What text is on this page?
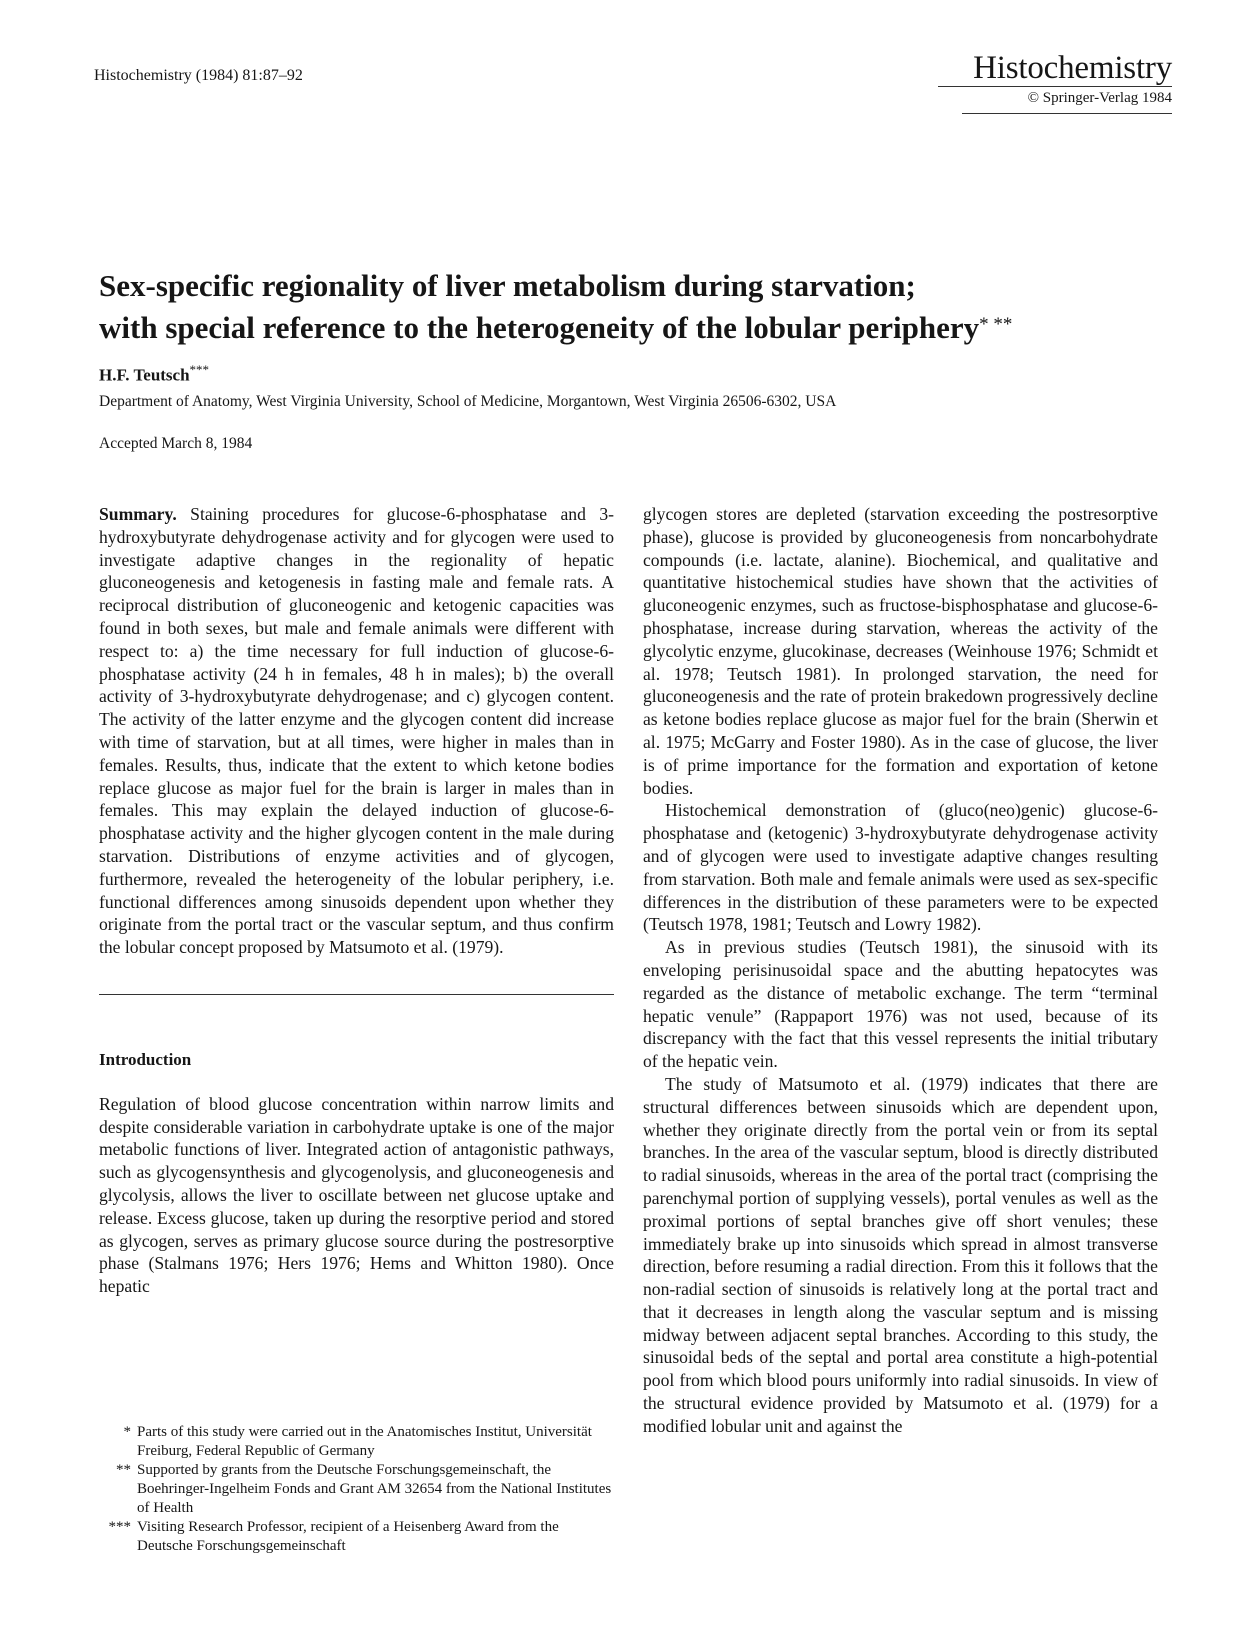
Histochemistry (1984) 81:87–92	Histochemistry
© Springer-Verlag 1984
Sex-specific regionality of liver metabolism during starvation;
with special reference to the heterogeneity of the lobular periphery* **
H.F. Teutsch***
Department of Anatomy, West Virginia University, School of Medicine, Morgantown, West Virginia 26506-6302, USA
Accepted March 8, 1984

Summary. Staining procedures for glucose-6-phosphatase and 3-hydroxybutyrate dehydrogenase activity and for glycogen were used to investigate adaptive changes in the regionality of hepatic gluconeogenesis and ketogenesis in fasting male and female rats. A reciprocal distribution of gluconeogenic and ketogenic capacities was found in both sexes, but male and female animals were different with respect to: a) the time necessary for full induction of glucose-6-phosphatase activity (24 h in females, 48 h in males); b) the overall activity of 3-hydroxybutyrate dehydrogenase; and c) glycogen content. The activity of the latter enzyme and the glycogen content did increase with time of starvation, but at all times, were higher in males than in females. Results, thus, indicate that the extent to which ketone bodies replace glucose as major fuel for the brain is larger in males than in females. This may explain the delayed induction of glucose-6-phosphatase activity and the higher glycogen content in the male during starvation. Distributions of enzyme activities and of glycogen, furthermore, revealed the heterogeneity of the lobular periphery, i.e. functional differences among sinusoids dependent upon whether they originate from the portal tract or the vascular septum, and thus confirm the lobular concept proposed by Matsumoto et al. (1979).

Introduction

Regulation of blood glucose concentration within narrow limits and despite considerable variation in carbohydrate uptake is one of the major metabolic functions of liver. Integrated action of antagonistic pathways, such as glycogensynthesis and glycogenolysis, and gluconeogenesis and glycolysis, allows the liver to oscillate between net glucose uptake and release. Excess glucose, taken up during the resorptive period and stored as glycogen, serves as primary glucose source during the postresorptive phase (Stalmans 1976; Hers 1976; Hems and Whitton 1980). Once hepatic

glycogen stores are depleted (starvation exceeding the postresorptive phase), glucose is provided by gluconeogenesis from noncarbohydrate compounds (i.e. lactate, alanine). Biochemical, and qualitative and quantitative histochemical studies have shown that the activities of gluconeogenic enzymes, such as fructose-bisphosphatase and glucose-6-phosphatase, increase during starvation, whereas the activity of the glycolytic enzyme, glucokinase, decreases (Weinhouse 1976; Schmidt et al. 1978; Teutsch 1981). In prolonged starvation, the need for gluconeogenesis and the rate of protein brakedown progressively decline as ketone bodies replace glucose as major fuel for the brain (Sherwin et al. 1975; McGarry and Foster 1980). As in the case of glucose, the liver is of prime importance for the formation and exportation of ketone bodies.

Histochemical demonstration of (gluco(neo)genic) glucose-6-phosphatase and (ketogenic) 3-hydroxybutyrate dehydrogenase activity and of glycogen were used to investigate adaptive changes resulting from starvation. Both male and female animals were used as sex-specific differences in the distribution of these parameters were to be expected (Teutsch 1978, 1981; Teutsch and Lowry 1982).

As in previous studies (Teutsch 1981), the sinusoid with its enveloping perisinusoidal space and the abutting hepatocytes was regarded as the distance of metabolic exchange. The term “terminal hepatic venule” (Rappaport 1976) was not used, because of its discrepancy with the fact that this vessel represents the initial tributary of the hepatic vein.

The study of Matsumoto et al. (1979) indicates that there are structural differences between sinusoids which are dependent upon, whether they originate directly from the portal vein or from its septal branches. In the area of the vascular septum, blood is directly distributed to radial sinusoids, whereas in the area of the portal tract (comprising the parenchymal portion of supplying vessels), portal venules as well as the proximal portions of septal branches give off short venules; these immediately brake up into sinusoids which spread in almost transverse direction, before resuming a radial direction. From this it follows that the non-radial section of sinusoids is relatively long at the portal tract and that it decreases in length along the vascular septum and is missing midway between adjacent septal branches. According to this study, the sinusoidal beds of the septal and portal area constitute a high-potential pool from which blood pours uniformly into radial sinusoids. In view of the structural evidence provided by Matsumoto et al. (1979) for a modified lobular unit and against the

* Parts of this study were carried out in the Anatomisches Institut, Universität Freiburg, Federal Republic of Germany
** Supported by grants from the Deutsche Forschungsgemeinschaft, the Boehringer-Ingelheim Fonds and Grant AM 32654 from the National Institutes of Health
*** Visiting Research Professor, recipient of a Heisenberg Award from the Deutsche Forschungsgemeinschaft
